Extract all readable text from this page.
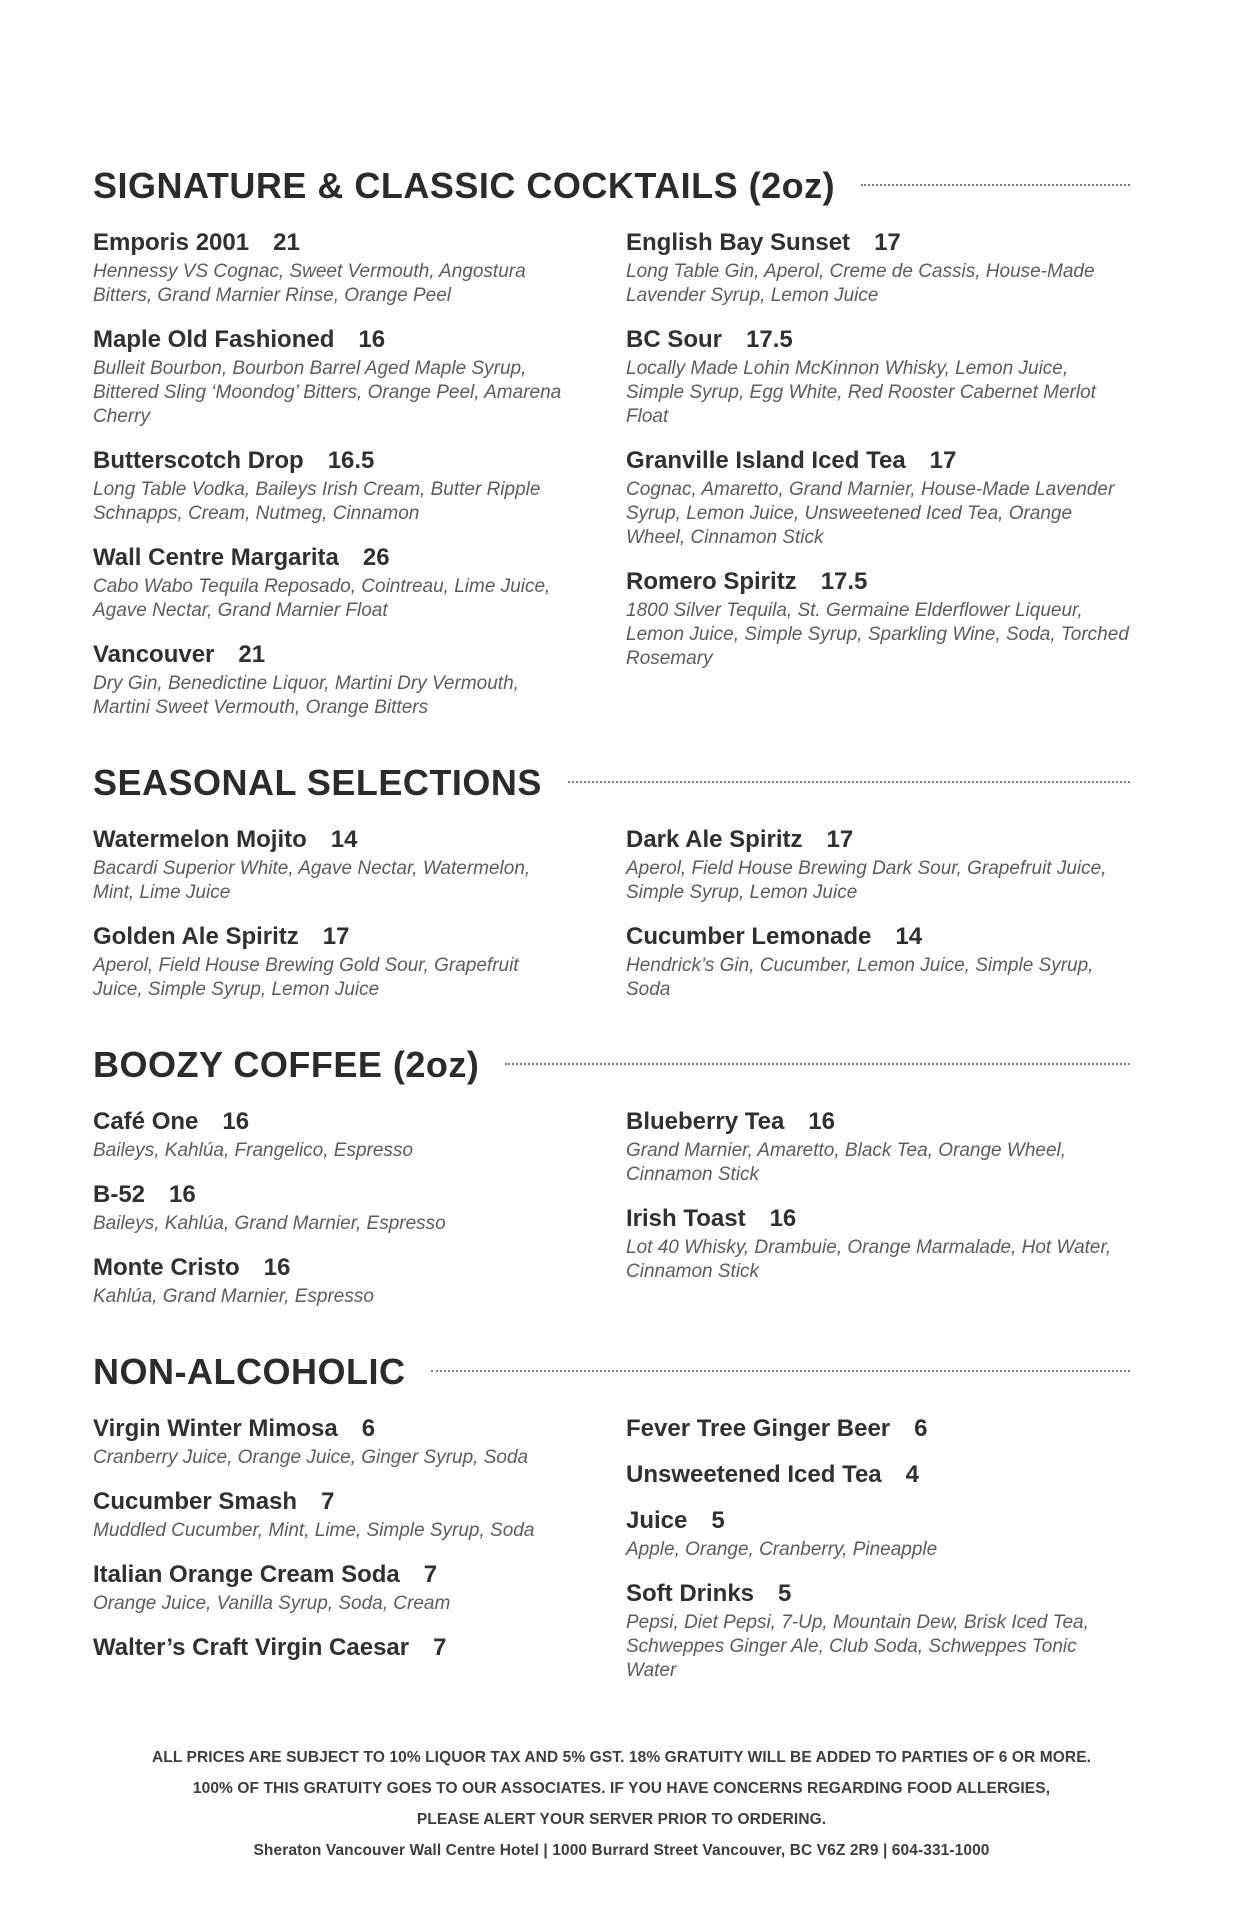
SIGNATURE & CLASSIC COCKTAILS (2oz)
Emporis 2001 21
Hennessy VS Cognac, Sweet Vermouth, Angostura Bitters, Grand Marnier Rinse, Orange Peel
Maple Old Fashioned 16
Bulleit Bourbon, Bourbon Barrel Aged Maple Syrup, Bittered Sling ‘Moondog’ Bitters, Orange Peel, Amarena Cherry
Butterscotch Drop 16.5
Long Table Vodka, Baileys Irish Cream, Butter Ripple Schnapps, Cream, Nutmeg, Cinnamon
Wall Centre Margarita 26
Cabo Wabo Tequila Reposado, Cointreau, Lime Juice, Agave Nectar, Grand Marnier Float
Vancouver 21
Dry Gin, Benedictine Liquor, Martini Dry Vermouth, Martini Sweet Vermouth, Orange Bitters
English Bay Sunset 17
Long Table Gin, Aperol, Creme de Cassis, House-Made Lavender Syrup, Lemon Juice
BC Sour 17.5
Locally Made Lohin McKinnon Whisky, Lemon Juice, Simple Syrup, Egg White, Red Rooster Cabernet Merlot Float
Granville Island Iced Tea 17
Cognac, Amaretto, Grand Marnier, House-Made Lavender Syrup, Lemon Juice, Unsweetened Iced Tea, Orange Wheel, Cinnamon Stick
Romero Spiritz 17.5
1800 Silver Tequila, St. Germaine Elderflower Liqueur, Lemon Juice, Simple Syrup, Sparkling Wine, Soda, Torched Rosemary
SEASONAL SELECTIONS
Watermelon Mojito 14
Bacardi Superior White, Agave Nectar, Watermelon, Mint, Lime Juice
Golden Ale Spiritz 17
Aperol, Field House Brewing Gold Sour, Grapefruit Juice, Simple Syrup, Lemon Juice
Dark Ale Spiritz 17
Aperol, Field House Brewing Dark Sour, Grapefruit Juice, Simple Syrup, Lemon Juice
Cucumber Lemonade 14
Hendrick’s Gin, Cucumber, Lemon Juice, Simple Syrup, Soda
BOOZY COFFEE (2oz)
Café One 16
Baileys, Kahlúa, Frangelico, Espresso
B-52 16
Baileys, Kahlúa, Grand Marnier, Espresso
Monte Cristo 16
Kahlúa, Grand Marnier, Espresso
Blueberry Tea 16
Grand Marnier, Amaretto, Black Tea, Orange Wheel, Cinnamon Stick
Irish Toast 16
Lot 40 Whisky, Drambuie, Orange Marmalade, Hot Water, Cinnamon Stick
NON-ALCOHOLIC
Virgin Winter Mimosa 6
Cranberry Juice, Orange Juice, Ginger Syrup, Soda
Cucumber Smash 7
Muddled Cucumber, Mint, Lime, Simple Syrup, Soda
Italian Orange Cream Soda 7
Orange Juice, Vanilla Syrup, Soda, Cream
Walter’s Craft Virgin Caesar 7
Fever Tree Ginger Beer 6
Unsweetened Iced Tea 4
Juice 5
Apple, Orange, Cranberry, Pineapple
Soft Drinks 5
Pepsi, Diet Pepsi, 7-Up, Mountain Dew, Brisk Iced Tea, Schweppes Ginger Ale, Club Soda, Schweppes Tonic Water
ALL PRICES ARE SUBJECT TO 10% LIQUOR TAX AND 5% GST. 18% GRATUITY WILL BE ADDED TO PARTIES OF 6 OR MORE.
100% OF THIS GRATUITY GOES TO OUR ASSOCIATES. IF YOU HAVE CONCERNS REGARDING FOOD ALLERGIES,
PLEASE ALERT YOUR SERVER PRIOR TO ORDERING.
Sheraton Vancouver Wall Centre Hotel | 1000 Burrard Street Vancouver, BC V6Z 2R9 | 604-331-1000
